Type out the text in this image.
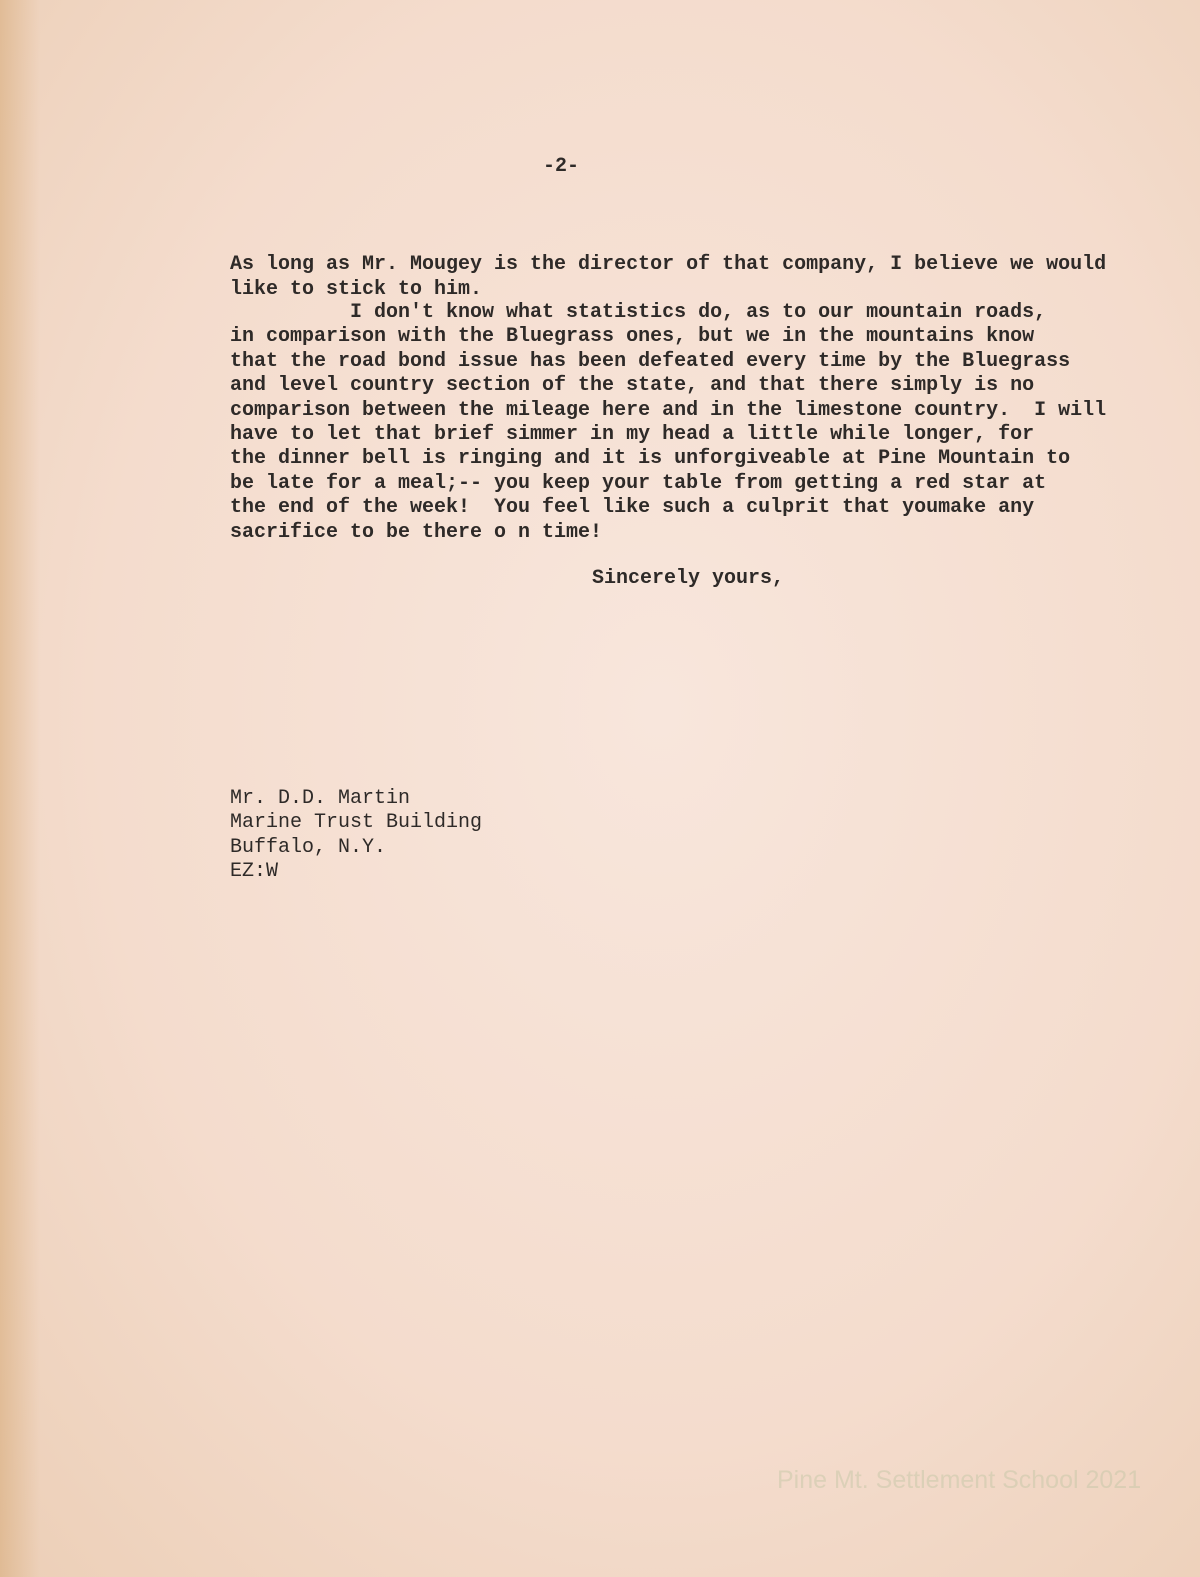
-2-

As long as Mr. Mougey is the director of that company, I believe we would
like to stick to him.
I don't know what statistics do, as to our mountain roads,
in comparison with the Bluegrass ones, but we in the mountains know
that the road bond issue has been defeated every time by the Bluegrass
and level country section of the state, and that there simply is no
comparison between the mileage here and in the limestone country.  I will
have to let that brief simmer in my head a little while longer, for
the dinner bell is ringing and it is unforgiveable at Pine Mountain to
be late for a meal;-- you keep your table from getting a red star at
the end of the week!  You feel like such a culprit that youmake any
sacrifice to be there o n time!
Sincerely yours,
Mr. D.D. Martin
Marine Trust Building
Buffalo, N.Y.
EZ:W
Pine Mt. Settlement School 2021
